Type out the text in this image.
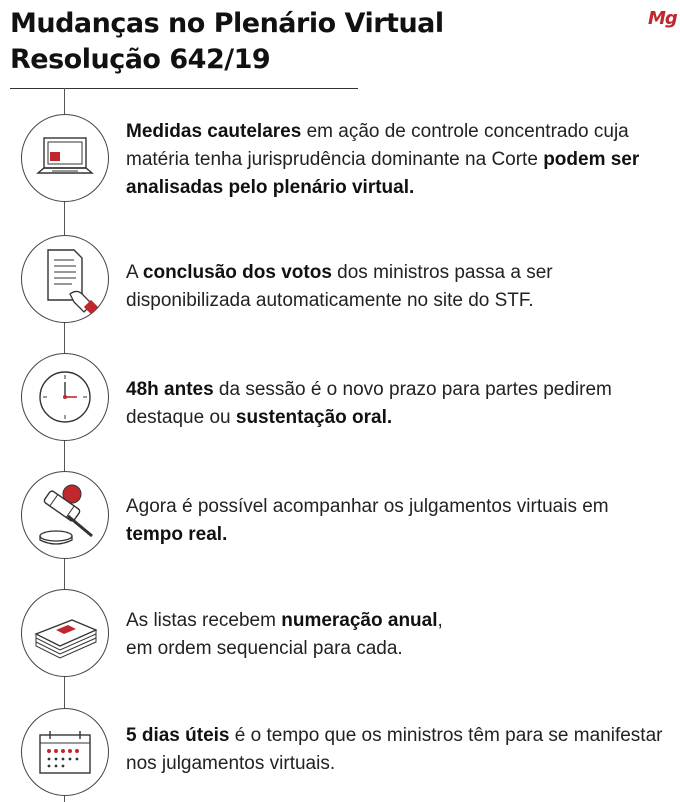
Mudanças no Plenário Virtual
Resolução 642/19
Mg
Medidas cautelares em ação de controle concentrado cuja matéria tenha jurisprudência dominante na Corte podem ser analisadas pelo plenário virtual.
A conclusão dos votos dos ministros passa a ser disponibilizada automaticamente no site do STF.
48h antes da sessão é o novo prazo para partes pedirem destaque ou sustentação oral.
Agora é possível acompanhar os julgamentos virtuais em tempo real.
As listas recebem numeração anual,
em ordem sequencial para cada.
5 dias úteis é o tempo que os ministros têm para se manifestar nos julgamentos virtuais.
